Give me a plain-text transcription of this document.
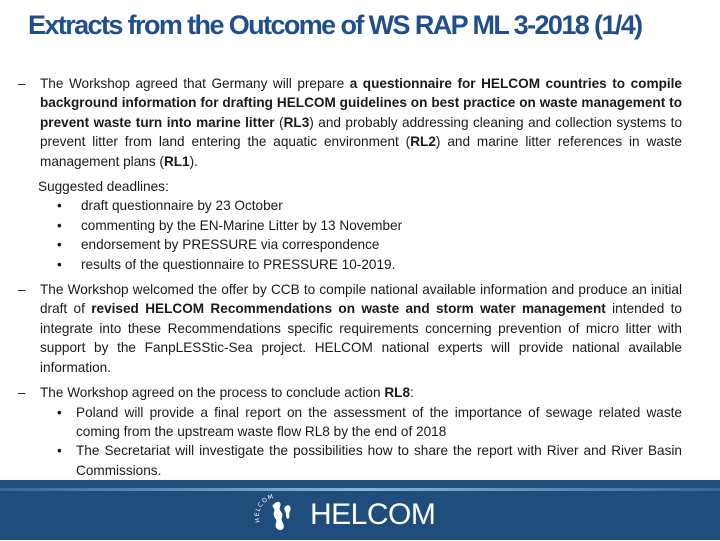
Extracts from the Outcome of WS RAP ML 3-2018 (1/4)
– The Workshop agreed that Germany will prepare a questionnaire for HELCOM countries to compile background information for drafting HELCOM guidelines on best practice on waste management to prevent waste turn into marine litter (RL3) and probably addressing cleaning and collection systems to prevent litter from land entering the aquatic environment (RL2) and marine litter references in waste management plans (RL1).
Suggested deadlines:
• draft questionnaire by 23 October
• commenting by the EN-Marine Litter by 13 November
• endorsement by PRESSURE via correspondence
• results of the questionnaire to PRESSURE 10-2019.
– The Workshop welcomed the offer by CCB to compile national available information and produce an initial draft of revised HELCOM Recommendations on waste and storm water management intended to integrate into these Recommendations specific requirements concerning prevention of micro litter with support by the FanpLESStic-Sea project. HELCOM national experts will provide national available information.
– The Workshop agreed on the process to conclude action RL8:
• Poland will provide a final report on the assessment of the importance of sewage related waste coming from the upstream waste flow RL8 by the end of 2018
• The Secretariat will investigate the possibilities how to share the report with River and River Basin Commissions.
HELCOM
HELCOM
